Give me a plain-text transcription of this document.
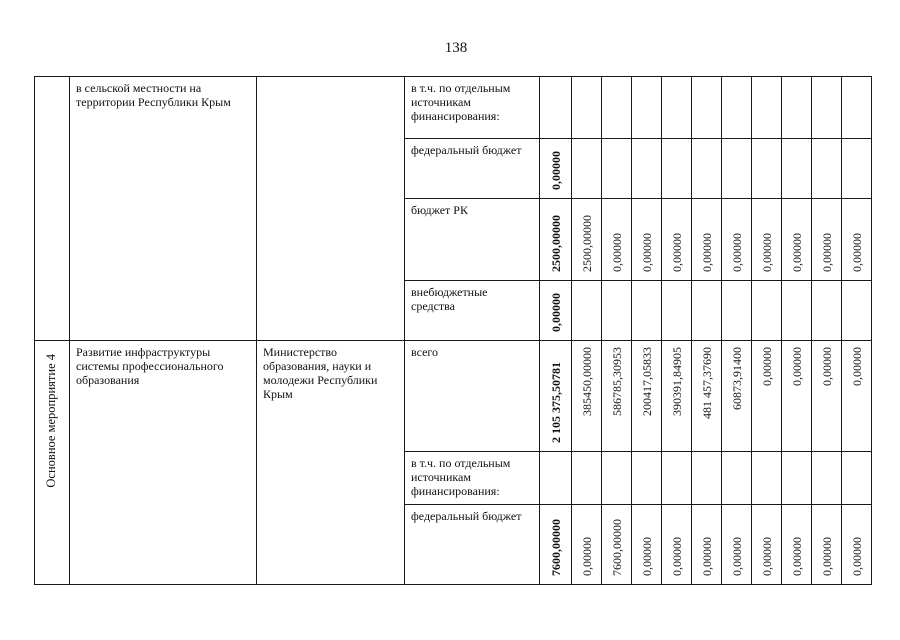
138

	в сельской местности на территории Республики Крым		в т.ч. по отдельным источникам финансирования:											

			федеральный бюджет	0,00000										

			бюджет РК	2500,00000	2500,00000	0,00000	0,00000	0,00000	0,00000	0,00000	0,00000	0,00000	0,00000	0,00000

			внебюджетные средства	0,00000										

Основное мероприятие 4	Развитие инфраструктуры системы профессионального образования	Министерство образования, науки и молодежи Республики Крым	всего	2 105 375,50781	385450,00000	586785,30953	200417,05833	390391,84905	481 457,37690	60873,91400	0,00000	0,00000	0,00000	0,00000

			в т.ч. по отдельным источникам финансирования:											

			федеральный бюджет	7600,00000	0,00000	7600,00000	0,00000	0,00000	0,00000	0,00000	0,00000	0,00000	0,00000	0,00000
